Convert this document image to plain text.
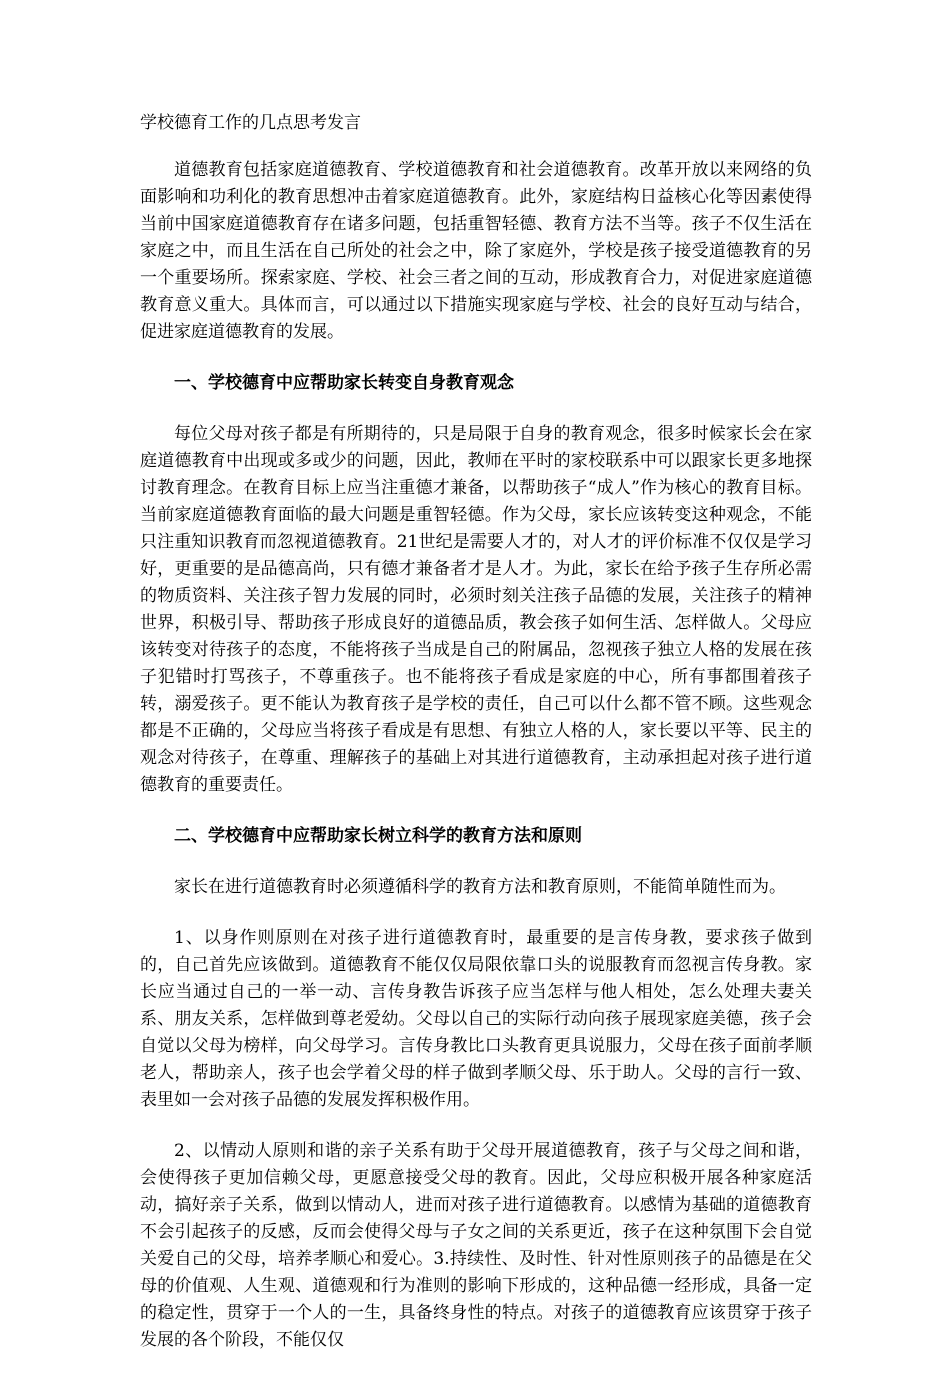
学校德育工作的几点思考发言

道德教育包括家庭道德教育、学校道德教育和社会道德教育。改革开放以来网络的负面影响和功利化的教育思想冲击着家庭道德教育。此外，家庭结构日益核心化等因素使得当前中国家庭道德教育存在诸多问题，包括重智轻德、教育方法不当等。孩子不仅生活在家庭之中，而且生活在自己所处的社会之中，除了家庭外，学校是孩子接受道德教育的另一个重要场所。探索家庭、学校、社会三者之间的互动，形成教育合力，对促进家庭道德教育意义重大。具体而言，可以通过以下措施实现家庭与学校、社会的良好互动与结合，促进家庭道德教育的发展。

一、学校德育中应帮助家长转变自身教育观念

每位父母对孩子都是有所期待的，只是局限于自身的教育观念，很多时候家长会在家庭道德教育中出现或多或少的问题，因此，教师在平时的家校联系中可以跟家长更多地探讨教育理念。在教育目标上应当注重德才兼备，以帮助孩子“成人”作为核心的教育目标。当前家庭道德教育面临的最大问题是重智轻德。作为父母，家长应该转变这种观念，不能只注重知识教育而忽视道德教育。21世纪是需要人才的，对人才的评价标准不仅仅是学习好，更重要的是品德高尚，只有德才兼备者才是人才。为此，家长在给予孩子生存所必需的物质资料、关注孩子智力发展的同时，必须时刻关注孩子品德的发展，关注孩子的精神世界，积极引导、帮助孩子形成良好的道德品质，教会孩子如何生活、怎样做人。父母应该转变对待孩子的态度，不能将孩子当成是自己的附属品，忽视孩子独立人格的发展在孩子犯错时打骂孩子，不尊重孩子。也不能将孩子看成是家庭的中心，所有事都围着孩子转，溺爱孩子。更不能认为教育孩子是学校的责任，自己可以什么都不管不顾。这些观念都是不正确的，父母应当将孩子看成是有思想、有独立人格的人，家长要以平等、民主的观念对待孩子，在尊重、理解孩子的基础上对其进行道德教育，主动承担起对孩子进行道德教育的重要责任。

二、学校德育中应帮助家长树立科学的教育方法和原则

家长在进行道德教育时必须遵循科学的教育方法和教育原则，不能简单随性而为。

1、以身作则原则在对孩子进行道德教育时，最重要的是言传身教，要求孩子做到的，自己首先应该做到。道德教育不能仅仅局限依靠口头的说服教育而忽视言传身教。家长应当通过自己的一举一动、言传身教告诉孩子应当怎样与他人相处，怎么处理夫妻关系、朋友关系，怎样做到尊老爱幼。父母以自己的实际行动向孩子展现家庭美德，孩子会自觉以父母为榜样，向父母学习。言传身教比口头教育更具说服力，父母在孩子面前孝顺老人，帮助亲人，孩子也会学着父母的样子做到孝顺父母、乐于助人。父母的言行一致、表里如一会对孩子品德的发展发挥积极作用。

2、以情动人原则和谐的亲子关系有助于父母开展道德教育，孩子与父母之间和谐，会使得孩子更加信赖父母，更愿意接受父母的教育。因此，父母应积极开展各种家庭活动，搞好亲子关系，做到以情动人，进而对孩子进行道德教育。以感情为基础的道德教育不会引起孩子的反感，反而会使得父母与子女之间的关系更近，孩子在这种氛围下会自觉关爱自己的父母，培养孝顺心和爱心。3.持续性、及时性、针对性原则孩子的品德是在父母的价值观、人生观、道德观和行为准则的影响下形成的，这种品德一经形成，具备一定的稳定性，贯穿于一个人的一生，具备终身性的特点。对孩子的道德教育应该贯穿于孩子发展的各个阶段，不能仅仅
